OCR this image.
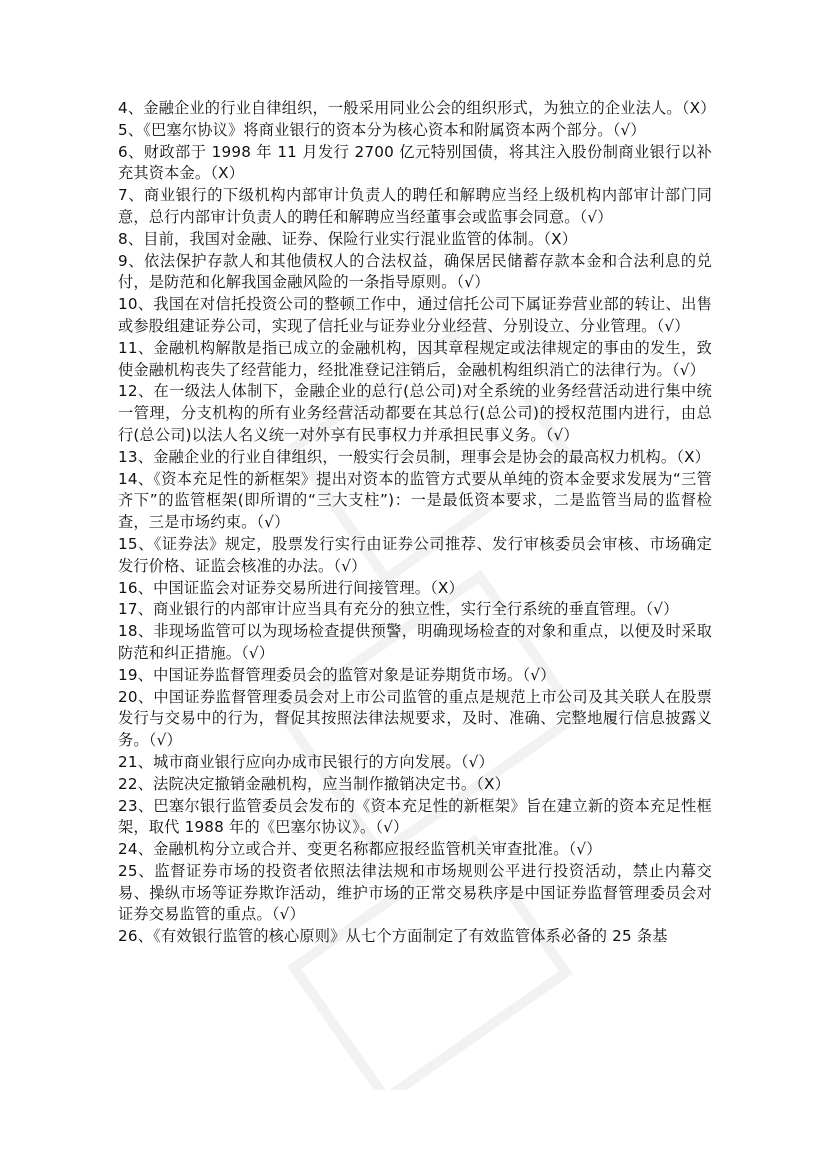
4、金融企业的行业自律组织，一般采用同业公会的组织形式，为独立的企业法人。（X）

5、《巴塞尔协议》将商业银行的资本分为核心资本和附属资本两个部分。（√）

6、财政部于 1998 年 11 月发行 2700 亿元特别国债，将其注入股份制商业银行以补充其资本金。（X）

7、商业银行的下级机构内部审计负责人的聘任和解聘应当经上级机构内部审计部门同意，总行内部审计负责人的聘任和解聘应当经董事会或监事会同意。（√）

8、目前，我国对金融、证券、保险行业实行混业监管的体制。（X）

9、依法保护存款人和其他债权人的合法权益，确保居民储蓄存款本金和合法利息的兑付，是防范和化解我国金融风险的一条指导原则。（√）

10、我国在对信托投资公司的整顿工作中，通过信托公司下属证券营业部的转让、出售或参股组建证券公司，实现了信托业与证券业分业经营、分别设立、分业管理。（√）

11、金融机构解散是指已成立的金融机构，因其章程规定或法律规定的事由的发生，致使金融机构丧失了经营能力，经批准登记注销后，金融机构组织消亡的法律行为。（√）

12、在一级法人体制下，金融企业的总行(总公司)对全系统的业务经营活动进行集中统一管理，分支机构的所有业务经营活动都要在其总行(总公司)的授权范围内进行，由总行(总公司)以法人名义统一对外享有民事权力并承担民事义务。（√）

13、金融企业的行业自律组织，一般实行会员制，理事会是协会的最高权力机构。（X）

14、《资本充足性的新框架》提出对资本的监管方式要从单纯的资本金要求发展为“三管齐下”的监管框架(即所谓的“三大支柱”)：一是最低资本要求，二是监管当局的监督检查，三是市场约束。（√）

15、《证券法》规定，股票发行实行由证券公司推荐、发行审核委员会审核、市场确定发行价格、证监会核准的办法。（√）

16、中国证监会对证券交易所进行间接管理。（X）

17、商业银行的内部审计应当具有充分的独立性，实行全行系统的垂直管理。（√）

18、非现场监管可以为现场检查提供预警，明确现场检查的对象和重点，以便及时采取防范和纠正措施。（√）

19、中国证券监督管理委员会的监管对象是证券期货市场。（√）

20、中国证券监督管理委员会对上市公司监管的重点是规范上市公司及其关联人在股票发行与交易中的行为，督促其按照法律法规要求，及时、准确、完整地履行信息披露义务。（√）

21、城市商业银行应向办成市民银行的方向发展。（√）

22、法院决定撤销金融机构，应当制作撤销决定书。（X）

23、巴塞尔银行监管委员会发布的《资本充足性的新框架》旨在建立新的资本充足性框架，取代 1988 年的《巴塞尔协议》。（√）

24、金融机构分立或合并、变更名称都应报经监管机关审查批准。（√）

25、监督证券市场的投资者依照法律法规和市场规则公平进行投资活动，禁止内幕交易、操纵市场等证券欺诈活动，维护市场的正常交易秩序是中国证券监督管理委员会对证券交易监管的重点。（√）

26、《有效银行监管的核心原则》从七个方面制定了有效监管体系必备的 25 条基
